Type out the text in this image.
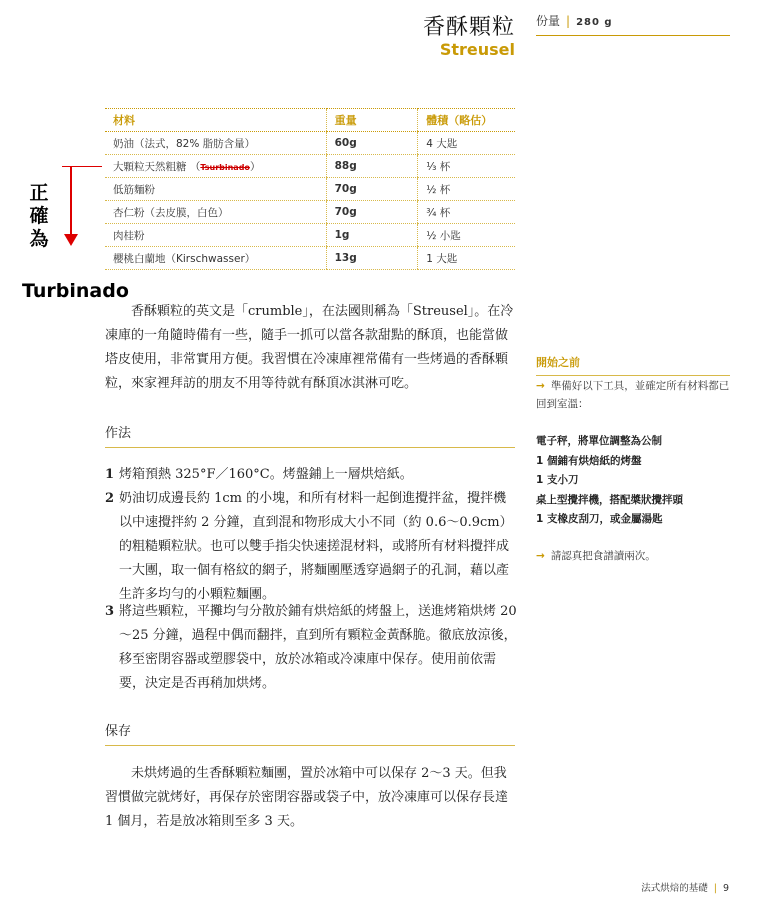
香酥顆粒
Streusel
份量 | 280 g
材料	重量	體積（略估）
奶油（法式，82% 脂肪含量）	60g	4 大匙
大顆粒天然粗糖 （Tsurbinado）	88g	⅓ 杯
低筋麵粉	70g	½ 杯
杏仁粉（去皮膜，白色）	70g	¾ 杯
肉桂粉	1g	½ 小匙
櫻桃白蘭地（Kirschwasser）	13g	1 大匙
正
確
為
Turbinado
香酥顆粒的英文是「crumble」，在法國則稱為「Streusel」。在冷凍庫的一角隨時備有一些，隨手一抓可以當各款甜點的酥頂，也能當做塔皮使用，非常實用方便。我習慣在冷凍庫裡常備有一些烤過的香酥顆粒，來家裡拜訪的朋友不用等待就有酥頂冰淇淋可吃。
作法
1 烤箱預熱 325°F／160°C。烤盤鋪上一層烘焙紙。
2 奶油切成邊長約 1cm 的小塊，和所有材料一起倒進攪拌盆，攪拌機以中速攪拌約 2 分鐘，直到混和物形成大小不同（約 0.6～0.9cm）的粗糙顆粒狀。也可以雙手指尖快速搓混材料，或將所有材料攪拌成一大團，取一個有格紋的網子，將麵團壓透穿過網子的孔洞，藉以產生許多均勻的小顆粒麵團。
3 將這些顆粒，平攤均勻分散於鋪有烘焙紙的烤盤上，送進烤箱烘烤 20～25 分鐘，過程中偶而翻拌，直到所有顆粒金黃酥脆。徹底放涼後，移至密閉容器或塑膠袋中，放於冰箱或冷凍庫中保存。使用前依需要，決定是否再稍加烘烤。
保存
未烘烤過的生香酥顆粒麵團，置於冰箱中可以保存 2～3 天。但我習慣做完就烤好，再保存於密閉容器或袋子中，放冷凍庫可以保存長達 1 個月，若是放冰箱則至多 3 天。
開始之前
→ 準備好以下工具，並確定所有材料都已回到室溫：
電子秤，將單位調整為公制
1 個鋪有烘焙紙的烤盤
1 支小刀
桌上型攪拌機，搭配槳狀攪拌頭
1 支橡皮刮刀，或金屬湯匙
→ 請認真把食譜讀兩次。
法式烘焙的基礎 | 9
